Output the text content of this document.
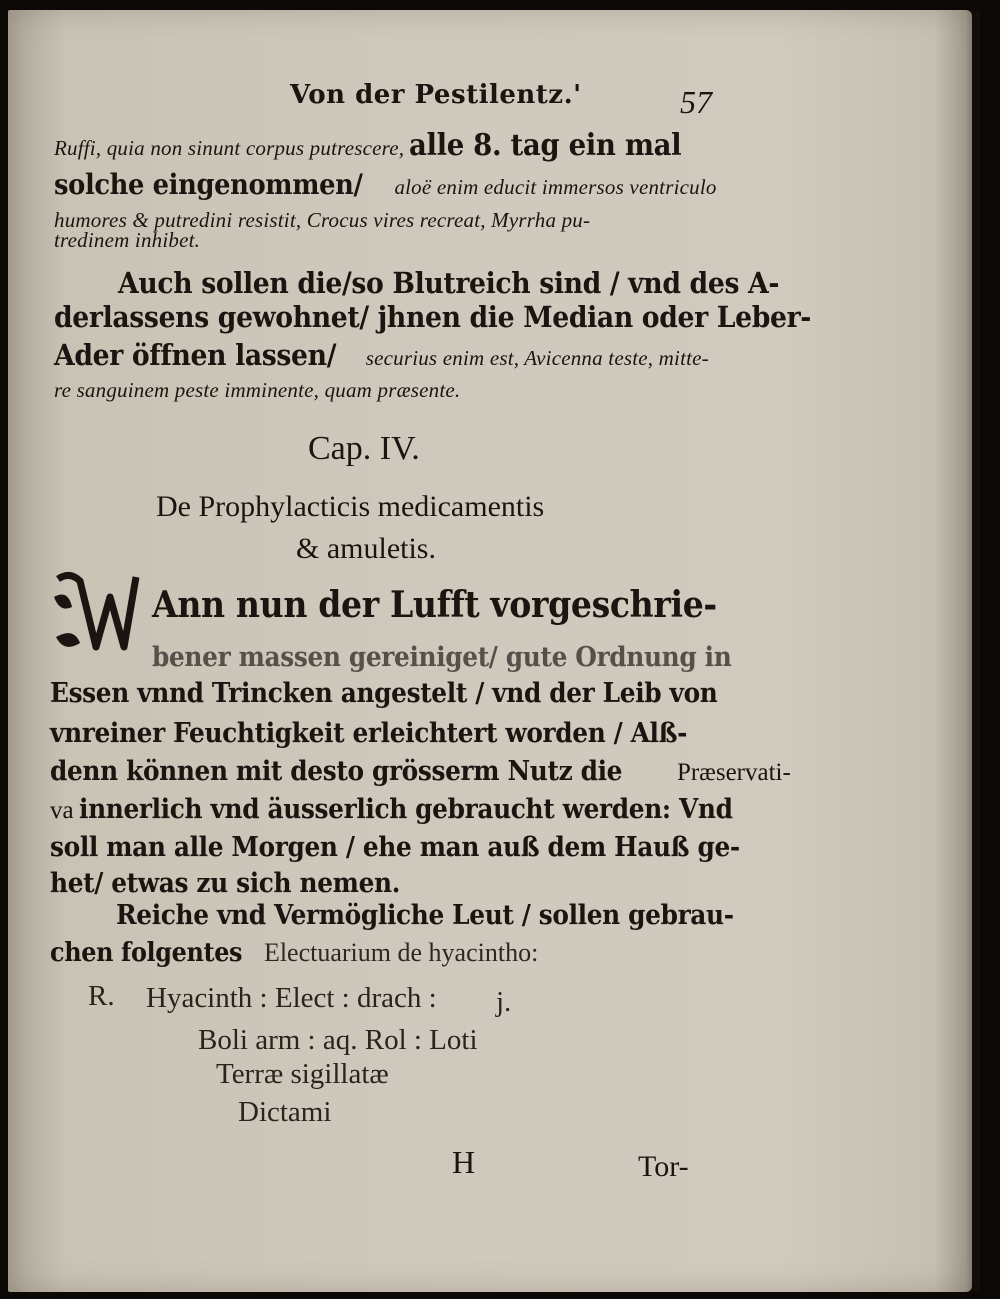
Von der Pestilentz.'	57
Ruffi, quia non sinunt corpus putrescere, alle 8. tag ein mal
solche eingenommen/ aloë enim educit immersos ventriculo
humores & putredini resistit, Crocus vires recreat, Myrrha pu-
tredinem inhibet.
Auch sollen die/so Blutreich sind / vnd des A-
derlassens gewohnet/ jhnen die Median oder Leber-
Ader öffnen lassen/ securius enim est, Avicenna teste, mitte-
re sanguinem peste imminente, quam præsente.
Cap. IV.
De Prophylacticis medicamentis
& amuletis.
Ann nun der Lufft vorgeschrie-
bener massen gereiniget/ gute Ordnung in
Essen vnnd Trincken angestelt / vnd der Leib von
vnreiner Feuchtigkeit erleichtert worden / Alß-
denn können mit desto grösserm Nutz die Præservati-
va innerlich vnd äusserlich gebraucht werden: Vnd
soll man alle Morgen / ehe man auß dem Hauß ge-
het/ etwas zu sich nemen.
Reiche vnd Vermögliche Leut / sollen gebrau-
chen folgentes Electuarium de hyacintho:
R. Hyacinth : Elect : drach : j.
Boli arm : aq. Rol : Loti
Terræ sigillatæ
Dictami
H	Tor-
